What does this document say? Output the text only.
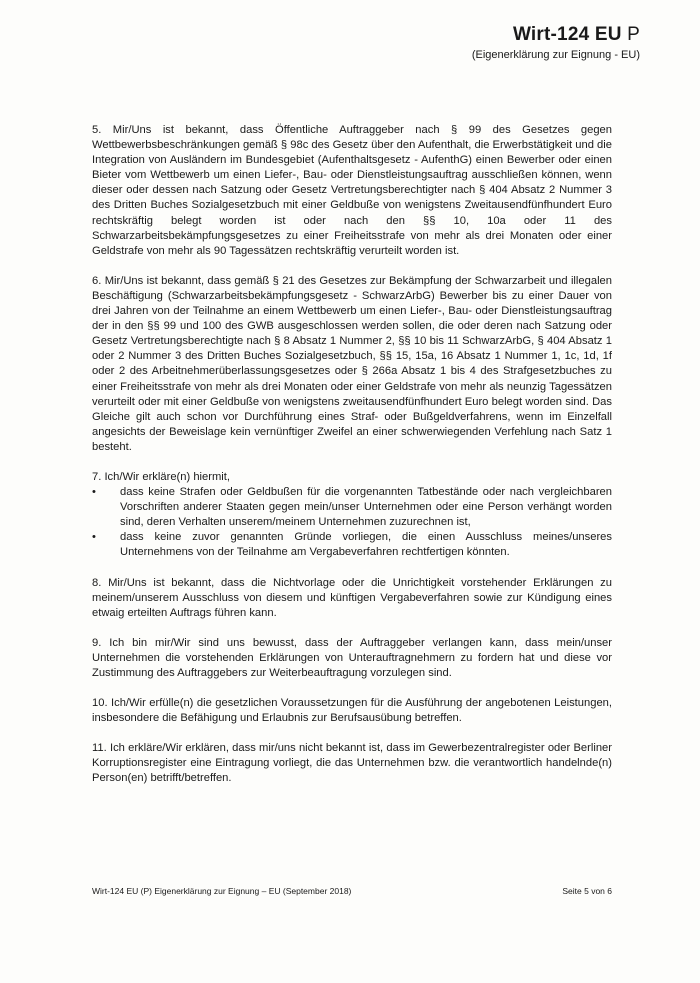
Wirt-124 EU P
(Eigenerklärung zur Eignung - EU)

5. Mir/Uns ist bekannt, dass Öffentliche Auftraggeber nach § 99 des Gesetzes gegen Wettbewerbsbeschränkungen gemäß § 98c des Gesetz über den Aufenthalt, die Erwerbstätigkeit und die Integration von Ausländern im Bundesgebiet (Aufenthaltsgesetz - AufenthG) einen Bewerber oder einen Bieter vom Wettbewerb um einen Liefer-, Bau- oder Dienstleistungsauftrag ausschließen können, wenn dieser oder dessen nach Satzung oder Gesetz Vertretungsberechtigter nach § 404 Absatz 2 Nummer 3 des Dritten Buches Sozialgesetzbuch mit einer Geldbuße von wenigstens Zweitausendfünfhundert Euro rechtskräftig belegt worden ist oder nach den §§ 10, 10a oder 11 des Schwarzarbeitsbekämpfungsgesetzes zu einer Freiheitsstrafe von mehr als drei Monaten oder einer Geldstrafe von mehr als 90 Tagessätzen rechtskräftig verurteilt worden ist.

6. Mir/Uns ist bekannt, dass gemäß § 21 des Gesetzes zur Bekämpfung der Schwarzarbeit und illegalen Beschäftigung (Schwarzarbeitsbekämpfungsgesetz - SchwarzArbG) Bewerber bis zu einer Dauer von drei Jahren von der Teilnahme an einem Wettbewerb um einen Liefer-, Bau- oder Dienstleistungsauftrag der in den §§ 99 und 100 des GWB ausgeschlossen werden sollen, die oder deren nach Satzung oder Gesetz Vertretungsberechtigte nach § 8 Absatz 1 Nummer 2, §§ 10 bis 11 SchwarzArbG, § 404 Absatz 1 oder 2 Nummer 3 des Dritten Buches Sozialgesetzbuch, §§ 15, 15a, 16 Absatz 1 Nummer 1, 1c, 1d, 1f oder 2 des Arbeitnehmerüberlassungsgesetzes oder § 266a Absatz 1 bis 4 des Strafgesetzbuches zu einer Freiheitsstrafe von mehr als drei Monaten oder einer Geldstrafe von mehr als neunzig Tagessätzen verurteilt oder mit einer Geldbuße von wenigstens zweitausendfünfhundert Euro belegt worden sind. Das Gleiche gilt auch schon vor Durchführung eines Straf- oder Bußgeldverfahrens, wenn im Einzelfall angesichts der Beweislage kein vernünftiger Zweifel an einer schwerwiegenden Verfehlung nach Satz 1 besteht.

7. Ich/Wir erkläre(n) hiermit,

• dass keine Strafen oder Geldbußen für die vorgenannten Tatbestände oder nach vergleichbaren Vorschriften anderer Staaten gegen mein/unser Unternehmen oder eine Person verhängt worden sind, deren Verhalten unserem/meinem Unternehmen zuzurechnen ist,
• dass keine zuvor genannten Gründe vorliegen, die einen Ausschluss meines/unseres Unternehmens von der Teilnahme am Vergabeverfahren rechtfertigen könnten.

8. Mir/Uns ist bekannt, dass die Nichtvorlage oder die Unrichtigkeit vorstehender Erklärungen zu meinem/unserem Ausschluss von diesem und künftigen Vergabeverfahren sowie zur Kündigung eines etwaig erteilten Auftrags führen kann.

9. Ich bin mir/Wir sind uns bewusst, dass der Auftraggeber verlangen kann, dass mein/unser Unternehmen die vorstehenden Erklärungen von Unterauftragnehmern zu fordern hat und diese vor Zustimmung des Auftraggebers zur Weiterbeauftragung vorzulegen sind.

10. Ich/Wir erfülle(n) die gesetzlichen Voraussetzungen für die Ausführung der angebotenen Leistungen, insbesondere die Befähigung und Erlaubnis zur Berufsausübung betreffen.

11. Ich erkläre/Wir erklären, dass mir/uns nicht bekannt ist, dass im Gewerbezentralregister oder Berliner Korruptionsregister eine Eintragung vorliegt, die das Unternehmen bzw. die verantwortlich handelnde(n) Person(en) betrifft/betreffen.

Wirt-124 EU (P) Eigenerklärung zur Eignung – EU (September 2018)	Seite 5 von 6
